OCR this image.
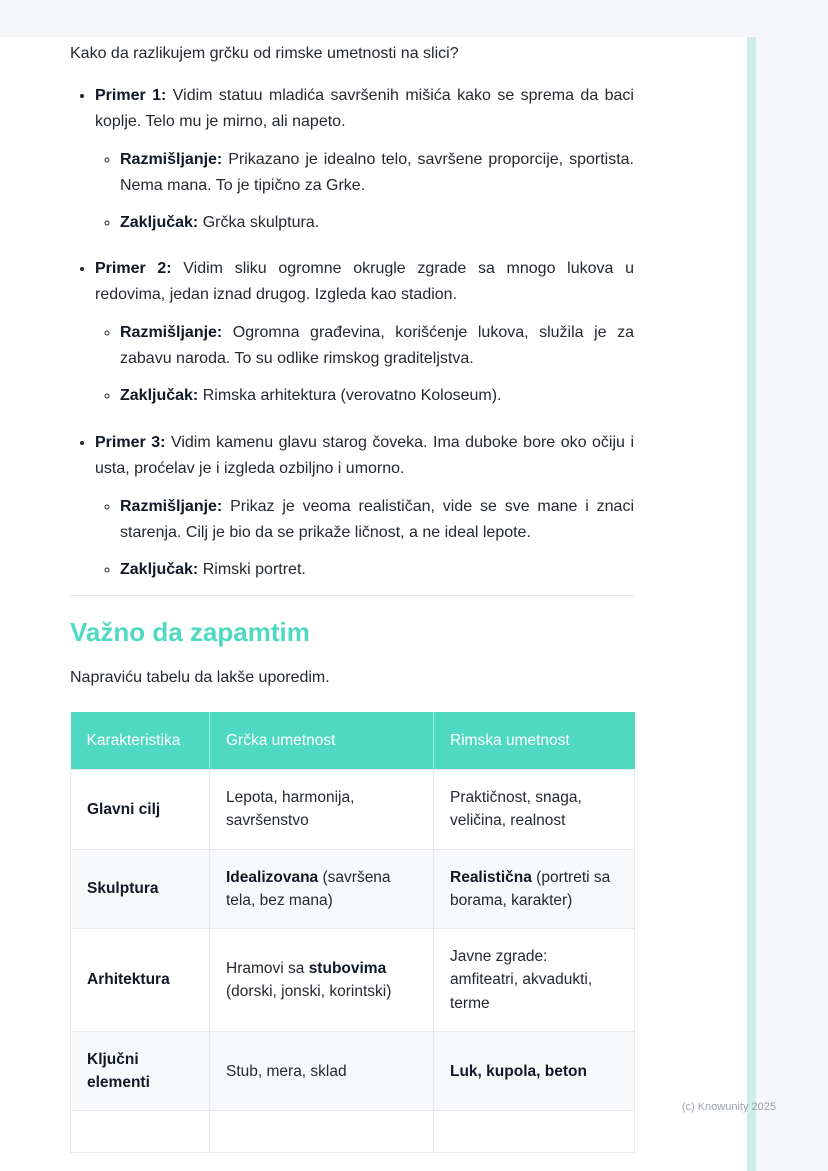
Kako da razlikujem grčku od rimske umetnosti na slici?

• Primer 1: Vidim statuu mladića savršenih mišića kako se sprema da baci koplje. Telo mu je mirno, ali napeto.

◦ Razmišljanje: Prikazano je idealno telo, savršene proporcije, sportista. Nema mana. To je tipično za Grke.

◦ Zaključak: Grčka skulptura.

• Primer 2: Vidim sliku ogromne okrugle zgrade sa mnogo lukova u redovima, jedan iznad drugog. Izgleda kao stadion.

◦ Razmišljanje: Ogromna građevina, korišćenje lukova, služila je za zabavu naroda. To su odlike rimskog graditeljstva.

◦ Zaključak: Rimska arhitektura (verovatno Koloseum).

• Primer 3: Vidim kamenu glavu starog čoveka. Ima duboke bore oko očiju i usta, proćelav je i izgleda ozbiljno i umorno.

◦ Razmišljanje: Prikaz je veoma realističan, vide se sve mane i znaci starenja. Cilj je bio da se prikaže ličnost, a ne ideal lepote.

◦ Zaključak: Rimski portret.

Važno da zapamtim

Napraviću tabelu da lakše uporedim.

Karakteristika	Grčka umetnost	Rimska umetnost
Glavni cilj	Lepota, harmonija, savršenstvo	Praktičnost, snaga, veličina, realnost
Skulptura	Idealizovana (savršena tela, bez mana)	Realistična (portreti sa borama, karakter)
Arhitektura	Hramovi sa stubovima (dorski, jonski, korintski)	Javne zgrade: amfiteatri, akvadukti, terme
Ključni elementi	Stub, mera, sklad	Luk, kupola, beton

(c) Knowunity 2025
